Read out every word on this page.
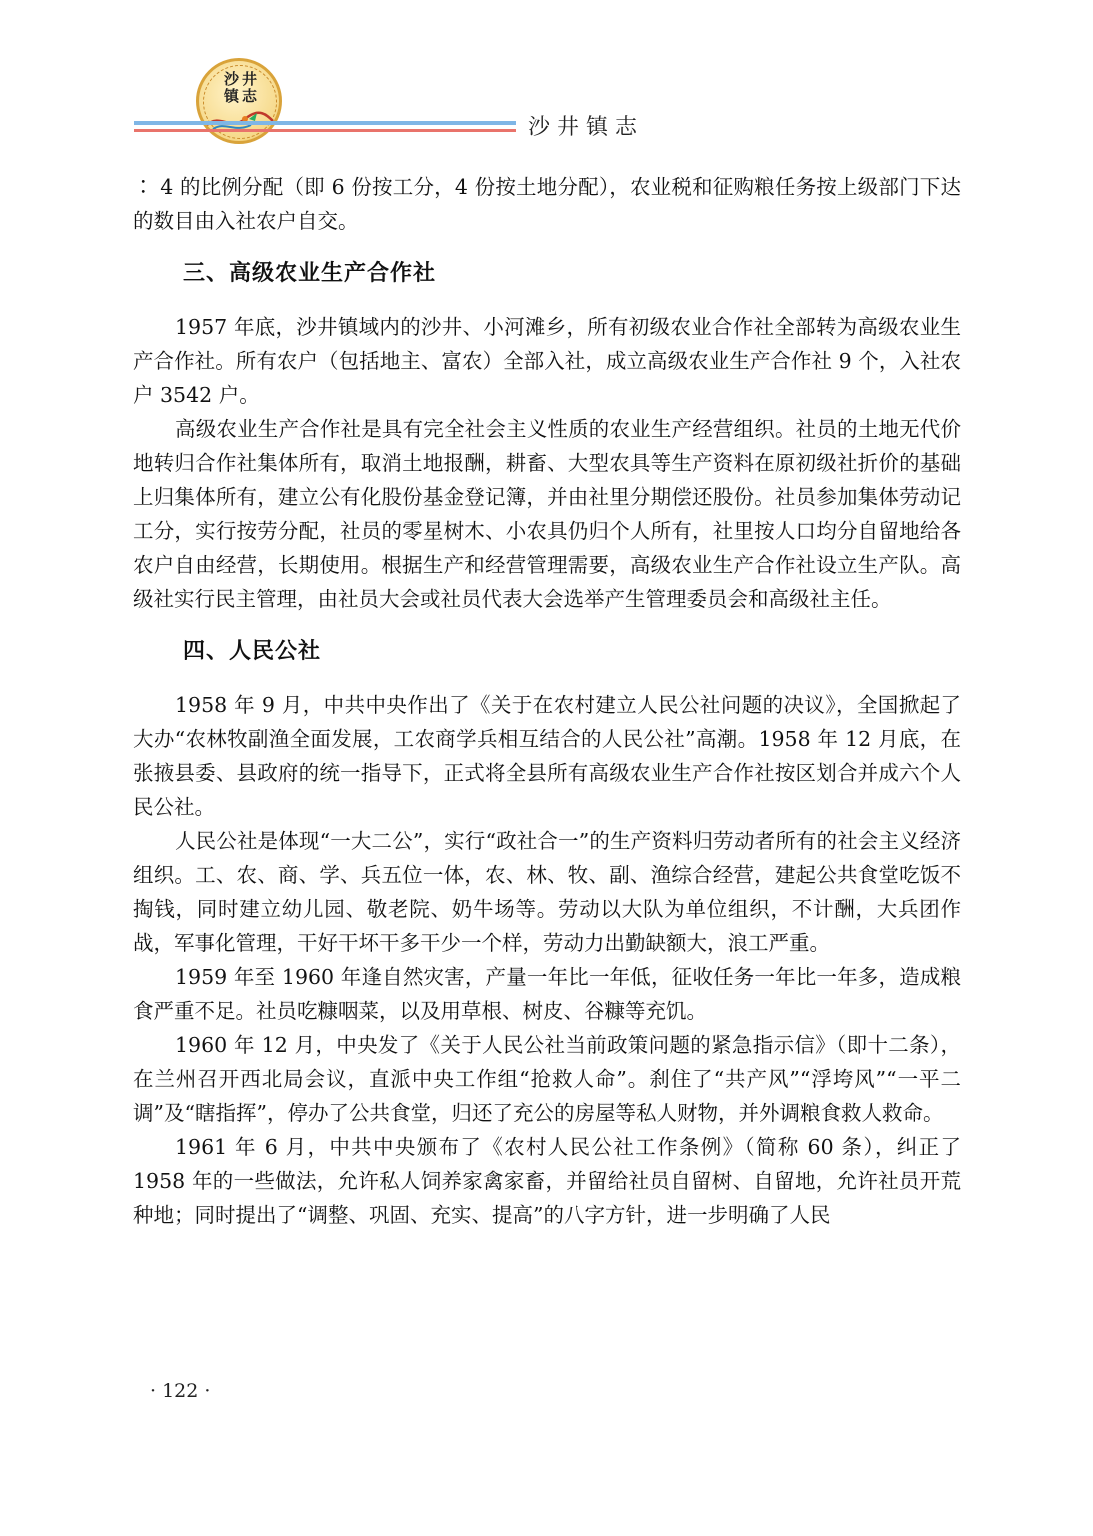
沙井镇志
沙井镇志

∶ 4 的比例分配（即 6 份按工分，4 份按土地分配），农业税和征购粮任务按上级部门下达的数目由入社农户自交。

三、高级农业生产合作社

1957 年底，沙井镇域内的沙井、小河滩乡，所有初级农业合作社全部转为高级农业生产合作社。所有农户（包括地主、富农）全部入社，成立高级农业生产合作社 9 个，入社农户 3542 户。

高级农业生产合作社是具有完全社会主义性质的农业生产经营组织。社员的土地无代价地转归合作社集体所有，取消土地报酬，耕畜、大型农具等生产资料在原初级社折价的基础上归集体所有，建立公有化股份基金登记簿，并由社里分期偿还股份。社员参加集体劳动记工分，实行按劳分配，社员的零星树木、小农具仍归个人所有，社里按人口均分自留地给各农户自由经营，长期使用。根据生产和经营管理需要，高级农业生产合作社设立生产队。高级社实行民主管理，由社员大会或社员代表大会选举产生管理委员会和高级社主任。

四、人民公社

1958 年 9 月，中共中央作出了《关于在农村建立人民公社问题的决议》，全国掀起了大办“农林牧副渔全面发展，工农商学兵相互结合的人民公社”高潮。1958 年 12 月底，在张掖县委、县政府的统一指导下，正式将全县所有高级农业生产合作社按区划合并成六个人民公社。

人民公社是体现“一大二公”，实行“政社合一”的生产资料归劳动者所有的社会主义经济组织。工、农、商、学、兵五位一体，农、林、牧、副、渔综合经营，建起公共食堂吃饭不掏钱，同时建立幼儿园、敬老院、奶牛场等。劳动以大队为单位组织，不计酬，大兵团作战，军事化管理，干好干坏干多干少一个样，劳动力出勤缺额大，浪工严重。

1959 年至 1960 年逢自然灾害，产量一年比一年低，征收任务一年比一年多，造成粮食严重不足。社员吃糠咽菜，以及用草根、树皮、谷糠等充饥。

1960 年 12 月，中央发了《关于人民公社当前政策问题的紧急指示信》（即十二条），在兰州召开西北局会议，直派中央工作组“抢救人命”。刹住了“共产风”“浮垮风”“一平二调”及“瞎指挥”，停办了公共食堂，归还了充公的房屋等私人财物，并外调粮食救人救命。

1961 年 6 月，中共中央颁布了《农村人民公社工作条例》（简称 60 条），纠正了 1958 年的一些做法，允许私人饲养家禽家畜，并留给社员自留树、自留地，允许社员开荒种地；同时提出了“调整、巩固、充实、提高”的八字方针，进一步明确了人民

· 122 ·
